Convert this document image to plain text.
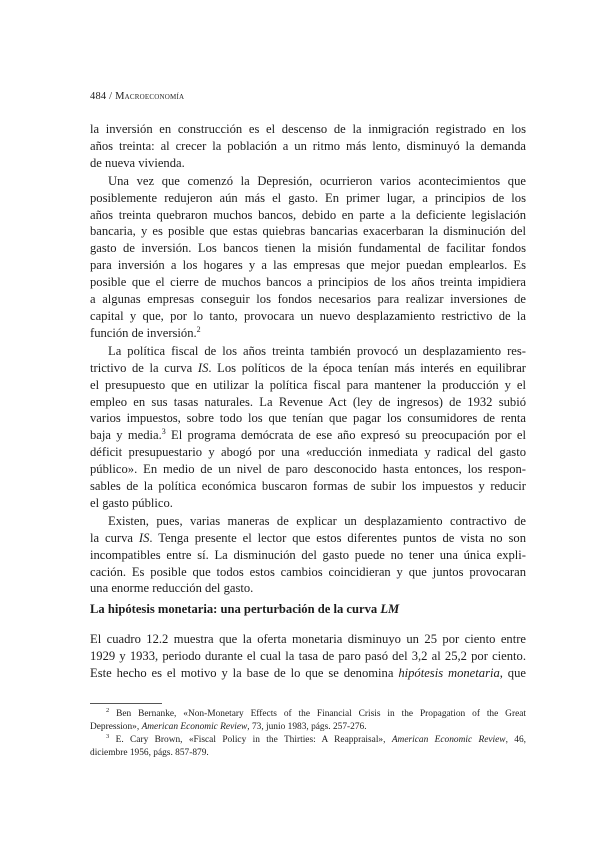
484 / Macroeconomía
la inversión en construcción es el descenso de la inmigración registrado en los
años treinta: al crecer la población a un ritmo más lento, disminuyó la demanda
de nueva vivienda.
Una vez que comenzó la Depresión, ocurrieron varios acontecimientos que
posiblemente redujeron aún más el gasto. En primer lugar, a principios de los
años treinta quebraron muchos bancos, debido en parte a la deficiente legislación
bancaria, y es posible que estas quiebras bancarias exacerbaran la disminución del
gasto de inversión. Los bancos tienen la misión fundamental de facilitar fondos
para inversión a los hogares y a las empresas que mejor puedan emplearlos. Es
posible que el cierre de muchos bancos a principios de los años treinta impidiera
a algunas empresas conseguir los fondos necesarios para realizar inversiones de
capital y que, por lo tanto, provocara un nuevo desplazamiento restrictivo de la
función de inversión.$^2$
La política fiscal de los años treinta también provocó un desplazamiento res-
trictivo de la curva IS. Los políticos de la época tenían más interés en equilibrar
el presupuesto que en utilizar la política fiscal para mantener la producción y el
empleo en sus tasas naturales. La Revenue Act (ley de ingresos) de 1932 subió
varios impuestos, sobre todo los que tenían que pagar los consumidores de renta
baja y media.$^3$ El programa demócrata de ese año expresó su preocupación por el
déficit presupuestario y abogó por una «reducción inmediata y radical del gasto
público». En medio de un nivel de paro desconocido hasta entonces, los respon-
sables de la política económica buscaron formas de subir los impuestos y reducir
el gasto público.
Existen, pues, varias maneras de explicar un desplazamiento contractivo de
la curva IS. Tenga presente el lector que estos diferentes puntos de vista no son
incompatibles entre sí. La disminución del gasto puede no tener una única expli-
cación. Es posible que todos estos cambios coincidieran y que juntos provocaran
una enorme reducción del gasto.
La hipótesis monetaria: una perturbación de la curva LM
El cuadro 12.2 muestra que la oferta monetaria disminuyo un 25 por ciento entre
1929 y 1933, periodo durante el cual la tasa de paro pasó del 3,2 al 25,2 por ciento.
Este hecho es el motivo y la base de lo que se denomina hipótesis monetaria, que
$^2$ Ben Bernanke, «Non-Monetary Effects of the Financial Crisis in the Propagation of the Great
Depression», American Economic Review, 73, junio 1983, págs. 257-276.
$^3$ E. Cary Brown, «Fiscal Policy in the Thirties: A Reappraisal», American Economic Review, 46,
diciembre 1956, págs. 857-879.
